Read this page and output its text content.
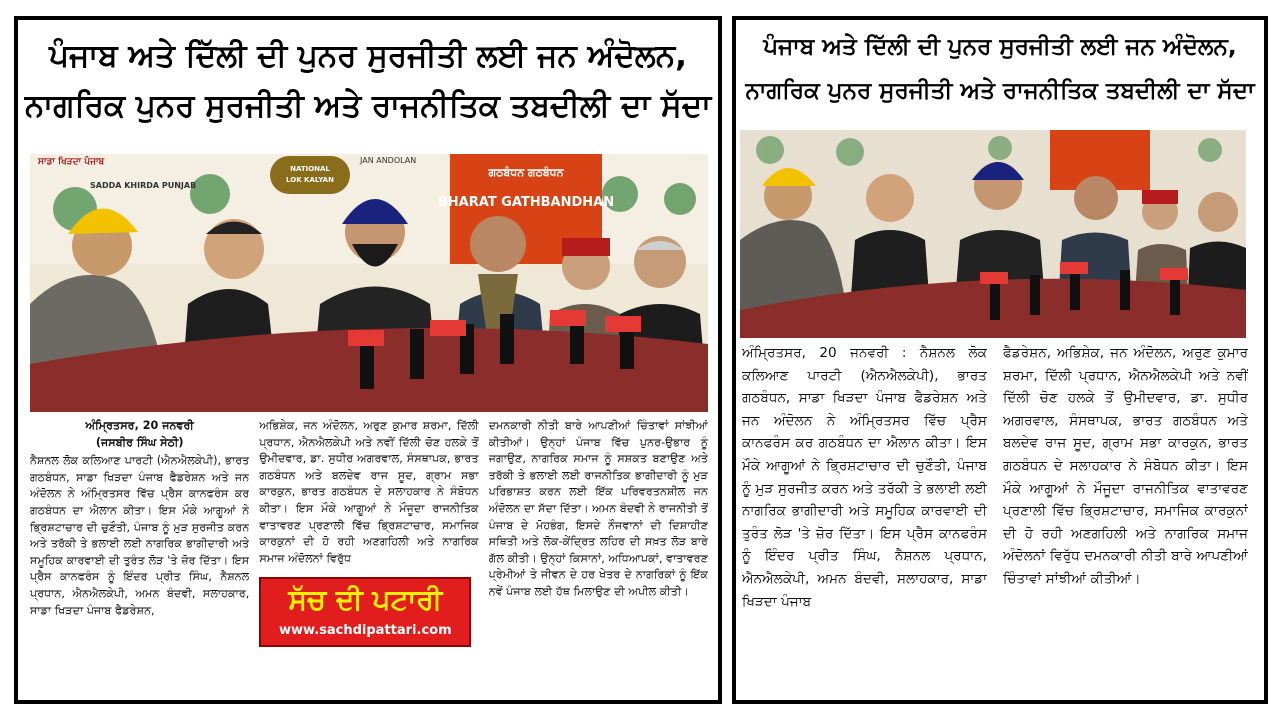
ਪੰਜਾਬ ਅਤੇ ਦਿੱਲੀ ਦੀ ਪੁਨਰ ਸੁਰਜੀਤੀ ਲਈ ਜਨ ਅੰਦੋਲਨ,
ਨਾਗਰਿਕ ਪੁਨਰ ਸੁਰਜੀਤੀ ਅਤੇ ਰਾਜਨੀਤਿਕ ਤਬਦੀਲੀ ਦਾ ਸੱਦਾ
NATIONAL
LOK KALYAN
ਸਾਡਾ ਖਿੜਦਾ ਪੰਜਾਬ
SADDA KHIRDA PUNJAB
JAN ANDOLAN
ਗਠਬੰਧਨ ਗਠਬੰਧਨ
BHARAT GATHBANDHAN
ਅੰਮ੍ਰਿਤਸਰ, 20 ਜਨਵਰੀ
(ਜਸਬੀਰ ਸਿੰਘ ਸੇਠੀ)

ਨੈਸ਼ਨਲ ਲੋਕ ਕਲਿਆਣ ਪਾਰਟੀ (ਐਨਐਲਕੇਪੀ), ਭਾਰਤ ਗਠਬੰਧਨ, ਸਾਡਾ ਖਿੜਦਾ ਪੰਜਾਬ ਫੈਡਰੇਸ਼ਨ ਅਤੇ ਜਨ ਅੰਦੋਲਨ ਨੇ ਅੰਮ੍ਰਿਤਸਰ ਵਿੱਚ ਪ੍ਰੈਸ ਕਾਨਫਰੰਸ ਕਰ ਗਠਬੰਧਨ ਦਾ ਐਲਾਨ ਕੀਤਾ। ਇਸ ਮੌਕੇ ਆਗੂਆਂ ਨੇ ਭ੍ਰਿਸ਼ਟਾਚਾਰ ਦੀ ਚੁਣੌਤੀ, ਪੰਜਾਬ ਨੂੰ ਮੁੜ ਸੁਰਜੀਤ ਕਰਨ ਅਤੇ ਤਰੱਕੀ ਤੇ ਭਲਾਈ ਲਈ ਨਾਗਰਿਕ ਭਾਗੀਦਾਰੀ ਅਤੇ ਸਮੂਹਿਕ ਕਾਰਵਾਈ ਦੀ ਤੁਰੰਤ ਲੋੜ 'ਤੇ ਜ਼ੋਰ ਦਿੱਤਾ। ਇਸ ਪ੍ਰੈਸ ਕਾਨਫਰੰਸ ਨੂੰ ਇੰਦਰ ਪ੍ਰੀਤ ਸਿੰਘ, ਨੈਸ਼ਨਲ ਪ੍ਰਧਾਨ, ਐਨਐਲਕੇਪੀ, ਅਮਨ ਬੰਦਵੀ, ਸਲਾਹਕਾਰ, ਸਾਡਾ ਖਿੜਦਾ ਪੰਜਾਬ ਫੈਡਰੇਸ਼ਨ,

ਅਭਿਸ਼ੇਕ, ਜਨ ਅੰਦੋਲਨ, ਅਰੁਣ ਕੁਮਾਰ ਸ਼ਰਮਾ, ਦਿੱਲੀ ਪ੍ਰਧਾਨ, ਐਨਐਲਕੇਪੀ ਅਤੇ ਨਵੀਂ ਦਿੱਲੀ ਚੋਣ ਹਲਕੇ ਤੋਂ ਉਮੀਦਵਾਰ, ਡਾ. ਸੁਧੀਰ ਅਗਰਵਾਲ, ਸੰਸਥਾਪਕ, ਭਾਰਤ ਗਠਬੰਧਨ ਅਤੇ ਬਲਦੇਵ ਰਾਜ ਸੂਦ, ਗ੍ਰਾਮ ਸਭਾ ਕਾਰਕੁਨ, ਭਾਰਤ ਗਠਬੰਧਨ ਦੇ ਸਲਾਹਕਾਰ ਨੇ ਸੰਬੋਧਨ ਕੀਤਾ। ਇਸ ਮੌਕੇ ਆਗੂਆਂ ਨੇ ਮੌਜੂਦਾ ਰਾਜਨੀਤਿਕ ਵਾਤਾਵਰਣ ਪ੍ਰਣਾਲੀ ਵਿੱਚ ਭ੍ਰਿਸ਼ਟਾਚਾਰ, ਸਮਾਜਿਕ ਕਾਰਕੁਨਾਂ ਦੀ ਹੋ ਰਹੀ ਅਣਗਹਿਲੀ ਅਤੇ ਨਾਗਰਿਕ ਸਮਾਜ ਅੰਦੋਲਨਾਂ ਵਿਰੁੱਧ

ਸੱਚ ਦੀ ਪਟਾਰੀ
www.sachdipattari.com

ਦਮਨਕਾਰੀ ਨੀਤੀ ਬਾਰੇ ਆਪਣੀਆਂ ਚਿੰਤਾਵਾਂ ਸਾਂਝੀਆਂ ਕੀਤੀਆਂ। ਉਨ੍ਹਾਂ ਪੰਜਾਬ ਵਿੱਚ ਪੁਨਰ-ਉਭਾਰ ਨੂੰ ਜਗਾਉਣ, ਨਾਗਰਿਕ ਸਮਾਜ ਨੂੰ ਸਸ਼ਕਤ ਬਣਾਉਣ ਅਤੇ ਤਰੱਕੀ ਤੇ ਭਲਾਈ ਲਈ ਰਾਜਨੀਤਿਕ ਭਾਗੀਦਾਰੀ ਨੂੰ ਮੁੜ ਪਰਿਭਾਸ਼ਤ ਕਰਨ ਲਈ ਇੱਕ ਪਰਿਵਰਤਨਸ਼ੀਲ ਜਨ ਅੰਦੋਲਨ ਦਾ ਸੱਦਾ ਦਿੱਤਾ। ਅਮਨ ਬੰਦਵੀ ਨੇ ਰਾਜਨੀਤੀ ਤੋਂ ਪੰਜਾਬ ਦੇ ਮੋਹਭੰਗ, ਇਸਦੇ ਨੌਜਵਾਨਾਂ ਦੀ ਦਿਸ਼ਾਹੀਣ ਸਥਿਤੀ ਅਤੇ ਲੋਕ-ਕੇਂਦ੍ਰਿਤ ਲਹਿਰ ਦੀ ਸਖ਼ਤ ਲੋੜ ਬਾਰੇ ਗੱਲ ਕੀਤੀ। ਉਨ੍ਹਾਂ ਕਿਸਾਨਾਂ, ਅਧਿਆਪਕਾਂ, ਵਾਤਾਵਰਣ ਪ੍ਰੇਮੀਆਂ ਤੇ ਜੀਵਨ ਦੇ ਹਰ ਖੇਤਰ ਦੇ ਨਾਗਰਿਕਾਂ ਨੂੰ ਇੱਕ ਨਵੇਂ ਪੰਜਾਬ ਲਈ ਹੱਥ ਮਿਲਾਉਣ ਦੀ ਅਪੀਲ ਕੀਤੀ।

ਪੰਜਾਬ ਅਤੇ ਦਿੱਲੀ ਦੀ ਪੁਨਰ ਸੁਰਜੀਤੀ ਲਈ ਜਨ ਅੰਦੋਲਨ,
ਨਾਗਰਿਕ ਪੁਨਰ ਸੁਰਜੀਤੀ ਅਤੇ ਰਾਜਨੀਤਿਕ ਤਬਦੀਲੀ ਦਾ ਸੱਦਾ

ਅੰਮ੍ਰਿਤਸਰ, 20 ਜਨਵਰੀ : ਨੈਸ਼ਨਲ ਲੋਕ ਕਲਿਆਣ ਪਾਰਟੀ (ਐਨਐਲਕੇਪੀ), ਭਾਰਤ ਗਠਬੰਧਨ, ਸਾਡਾ ਖਿੜਦਾ ਪੰਜਾਬ ਫੈਡਰੇਸ਼ਨ ਅਤੇ ਜਨ ਅੰਦੋਲਨ ਨੇ ਅੰਮ੍ਰਿਤਸਰ ਵਿੱਚ ਪ੍ਰੈਸ ਕਾਨਫਰੰਸ ਕਰ ਗਠਬੰਧਨ ਦਾ ਐਲਾਨ ਕੀਤਾ। ਇਸ ਮੌਕੇ ਆਗੂਆਂ ਨੇ ਭ੍ਰਿਸ਼ਟਾਚਾਰ ਦੀ ਚੁਣੌਤੀ, ਪੰਜਾਬ ਨੂੰ ਮੁੜ ਸੁਰਜੀਤ ਕਰਨ ਅਤੇ ਤਰੱਕੀ ਤੇ ਭਲਾਈ ਲਈ ਨਾਗਰਿਕ ਭਾਗੀਦਾਰੀ ਅਤੇ ਸਮੂਹਿਕ ਕਾਰਵਾਈ ਦੀ ਤੁਰੰਤ ਲੋੜ 'ਤੇ ਜ਼ੋਰ ਦਿੱਤਾ। ਇਸ ਪ੍ਰੈਸ ਕਾਨਫਰੰਸ ਨੂੰ ਇੰਦਰ ਪ੍ਰੀਤ ਸਿੰਘ, ਨੈਸ਼ਨਲ ਪ੍ਰਧਾਨ, ਐਨਐਲਕੇਪੀ, ਅਮਨ ਬੰਦਵੀ, ਸਲਾਹਕਾਰ, ਸਾਡਾ ਖਿੜਦਾ ਪੰਜਾਬ

ਫੈਡਰੇਸ਼ਨ, ਅਭਿਸ਼ੇਕ, ਜਨ ਅੰਦੋਲਨ, ਅਰੁਣ ਕੁਮਾਰ ਸ਼ਰਮਾ, ਦਿੱਲੀ ਪ੍ਰਧਾਨ, ਐਨਐਲਕੇਪੀ ਅਤੇ ਨਵੀਂ ਦਿੱਲੀ ਚੋਣ ਹਲਕੇ ਤੋਂ ਉਮੀਦਵਾਰ, ਡਾ. ਸੁਧੀਰ ਅਗਰਵਾਲ, ਸੰਸਥਾਪਕ, ਭਾਰਤ ਗਠਬੰਧਨ ਅਤੇ ਬਲਦੇਵ ਰਾਜ ਸੂਦ, ਗ੍ਰਾਮ ਸਭਾ ਕਾਰਕੁਨ, ਭਾਰਤ ਗਠਬੰਧਨ ਦੇ ਸਲਾਹਕਾਰ ਨੇ ਸੰਬੋਧਨ ਕੀਤਾ। ਇਸ ਮੌਕੇ ਆਗੂਆਂ ਨੇ ਮੌਜੂਦਾ ਰਾਜਨੀਤਿਕ ਵਾਤਾਵਰਣ ਪ੍ਰਣਾਲੀ ਵਿੱਚ ਭ੍ਰਿਸ਼ਟਾਚਾਰ, ਸਮਾਜਿਕ ਕਾਰਕੁਨਾਂ ਦੀ ਹੋ ਰਹੀ ਅਣਗਹਿਲੀ ਅਤੇ ਨਾਗਰਿਕ ਸਮਾਜ ਅੰਦੋਲਨਾਂ ਵਿਰੁੱਧ ਦਮਨਕਾਰੀ ਨੀਤੀ ਬਾਰੇ ਆਪਣੀਆਂ ਚਿੰਤਾਵਾਂ ਸਾਂਝੀਆਂ ਕੀਤੀਆਂ।
